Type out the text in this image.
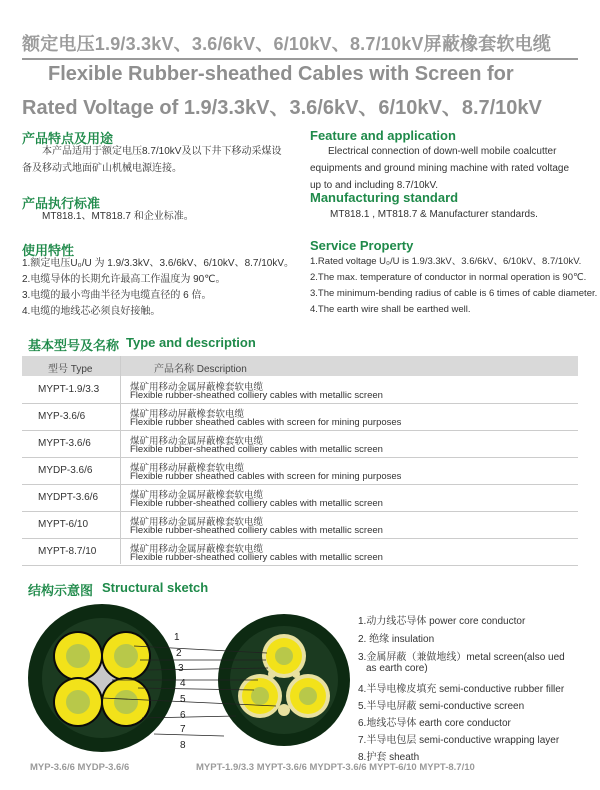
额定电压1.9/3.3kV、3.6/6kV、6/10kV、8.7/10kV屏蔽橡套软电缆
Flexible Rubber-sheathed Cables with Screen for
Rated Voltage of 1.9/3.3kV、3.6/6kV、6/10kV、8.7/10kV
产品特点及用途
本产品适用于额定电压8.7/10kV及以下井下移动采煤设备及移动式地面矿山机械电源连接。
Feature and application
Electrical connection of down-well mobile coalcutter equipments and ground mining machine with rated voltage up to and including 8.7/10kV.
产品执行标准
MT818.1、MT818.7 和企业标准。
Manufacturing standard
MT818.1 , MT818.7 & Manufacturer standards.
使用特性
1.额定电压U₀/U 为 1.9/3.3kV、3.6/6kV、6/10kV、8.7/10kV。
2.电缆导体的长期允许最高工作温度为 90℃。
3.电缆的最小弯曲半径为电缆直径的 6 倍。
4.电缆的地线芯必须良好接触。
Service Property
1.Rated voltage U₀/U is 1.9/3.3kV、3.6/6kV、6/10kV、8.7/10kV.
2.The max. temperature of conductor in normal operation is 90℃.
3.The minimum-bending radius of cable is 6 times of cable diameter.
4.The earth wire shall be earthed well.
基本型号及名称 Type and description
型号 Type	产品名称 Description
MYPT-1.9/3.3	煤矿用移动金属屏蔽橡套软电缆
Flexible rubber-sheathed colliery cables with metallic screen
MYP-3.6/6	煤矿用移动屏蔽橡套软电缆
Flexible rubber sheathed cables with screen for mining purposes
MYPT-3.6/6	煤矿用移动金属屏蔽橡套软电缆
Flexible rubber-sheathed colliery cables with metallic screen
MYDP-3.6/6	煤矿用移动屏蔽橡套软电缆
Flexible rubber sheathed cables with screen for mining purposes
MYDPT-3.6/6	煤矿用移动金属屏蔽橡套软电缆
Flexible rubber-sheathed colliery cables with metallic screen
MYPT-6/10	煤矿用移动金属屏蔽橡套软电缆
Flexible rubber-sheathed colliery cables with metallic screen
MYPT-8.7/10	煤矿用移动金属屏蔽橡套软电缆
Flexible rubber-sheathed colliery cables with metallic screen
结构示意图 Structural sketch
1
2
3
4
5
6
7
8
1.动力线芯导体 power core conductor
2. 绝缘 insulation
3.金属屏蔽（兼做地线）metal screen(also ued
as earth core)
4.半导电橡皮填充 semi-conductive rubber filler
5.半导电屏蔽 semi-conductive screen
6.地线芯导体 earth core conductor
7.半导电包层 semi-conductive wrapping layer
8.护套 sheath
MYP-3.6/6 MYDP-3.6/6	MYPT-1.9/3.3 MYPT-3.6/6 MYDPT-3.6/6 MYPT-6/10 MYPT-8.7/10
